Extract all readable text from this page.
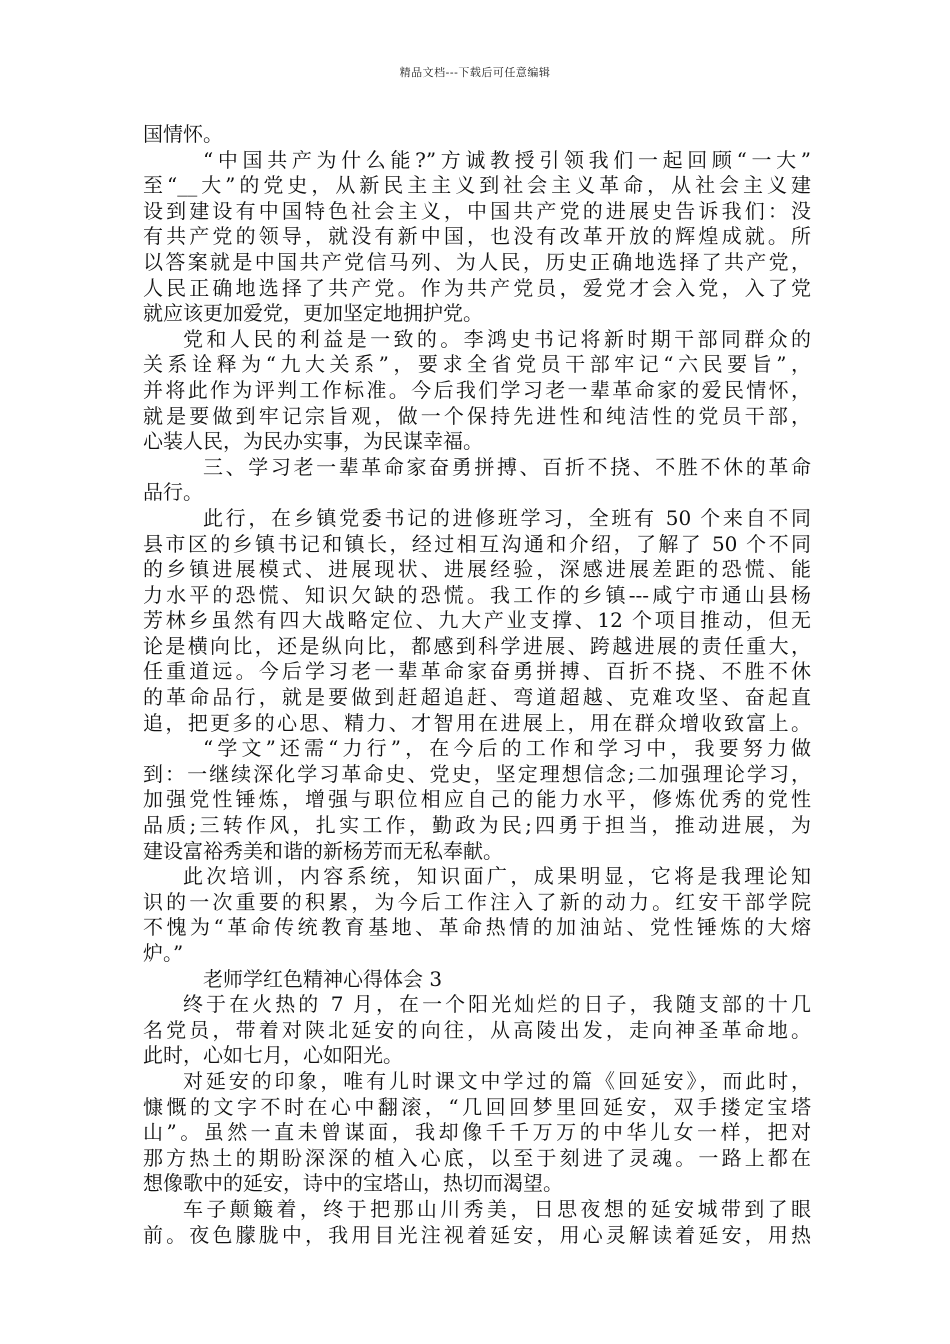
精品文档---下载后可任意编辑
国情怀。
“中国共产为什么能?”方诚教授引领我们一起回顾“一大”
至“__大”的党史，从新民主主义到社会主义革命，从社会主义建
设到建设有中国特色社会主义，中国共产党的进展史告诉我们：没
有共产党的领导，就没有新中国，也没有改革开放的辉煌成就。所
以答案就是中国共产党信马列、为人民，历史正确地选择了共产党，
人民正确地选择了共产党。作为共产党员，爱党才会入党，入了党
就应该更加爱党，更加坚定地拥护党。
党和人民的利益是一致的。李鸿史书记将新时期干部同群众的
关系诠释为“九大关系”，要求全省党员干部牢记“六民要旨”，
并将此作为评判工作标准。今后我们学习老一辈革命家的爱民情怀，
就是要做到牢记宗旨观，做一个保持先进性和纯洁性的党员干部，
心装人民，为民办实事，为民谋幸福。
三、学习老一辈革命家奋勇拼搏、百折不挠、不胜不休的革命
品行。
此行，在乡镇党委书记的进修班学习，全班有 50 个来自不同
县市区的乡镇书记和镇长，经过相互沟通和介绍，了解了 50 个不同
的乡镇进展模式、进展现状、进展经验，深感进展差距的恐慌、能
力水平的恐慌、知识欠缺的恐慌。我工作的乡镇---咸宁市通山县杨
芳林乡虽然有四大战略定位、九大产业支撑、12 个项目推动，但无
论是横向比，还是纵向比，都感到科学进展、跨越进展的责任重大，
任重道远。今后学习老一辈革命家奋勇拼搏、百折不挠、不胜不休
的革命品行，就是要做到赶超追赶、弯道超越、克难攻坚、奋起直
追，把更多的心思、精力、才智用在进展上，用在群众增收致富上。
“学文”还需“力行”，在今后的工作和学习中，我要努力做
到：一继续深化学习革命史、党史，坚定理想信念;二加强理论学习，
加强党性锤炼，增强与职位相应自己的能力水平，修炼优秀的党性
品质;三转作风，扎实工作，勤政为民;四勇于担当，推动进展，为
建设富裕秀美和谐的新杨芳而无私奉献。
此次培训，内容系统，知识面广，成果明显，它将是我理论知
识的一次重要的积累，为今后工作注入了新的动力。红安干部学院
不愧为“革命传统教育基地、革命热情的加油站、党性锤炼的大熔
炉。”
老师学红色精神心得体会 3
终于在火热的 7 月，在一个阳光灿烂的日子，我随支部的十几
名党员，带着对陕北延安的向往，从高陵出发，走向神圣革命地。
此时，心如七月，心如阳光。
对延安的印象，唯有儿时课文中学过的篇《回延安》，而此时，
慷慨的文字不时在心中翻滚，“几回回梦里回延安，双手搂定宝塔
山”。虽然一直未曾谋面，我却像千千万万的中华儿女一样，把对
那方热土的期盼深深的植入心底，以至于刻进了灵魂。一路上都在
想像歌中的延安，诗中的宝塔山，热切而渴望。
车子颠簸着，终于把那山川秀美，日思夜想的延安城带到了眼
前。夜色朦胧中，我用目光注视着延安，用心灵解读着延安，用热
